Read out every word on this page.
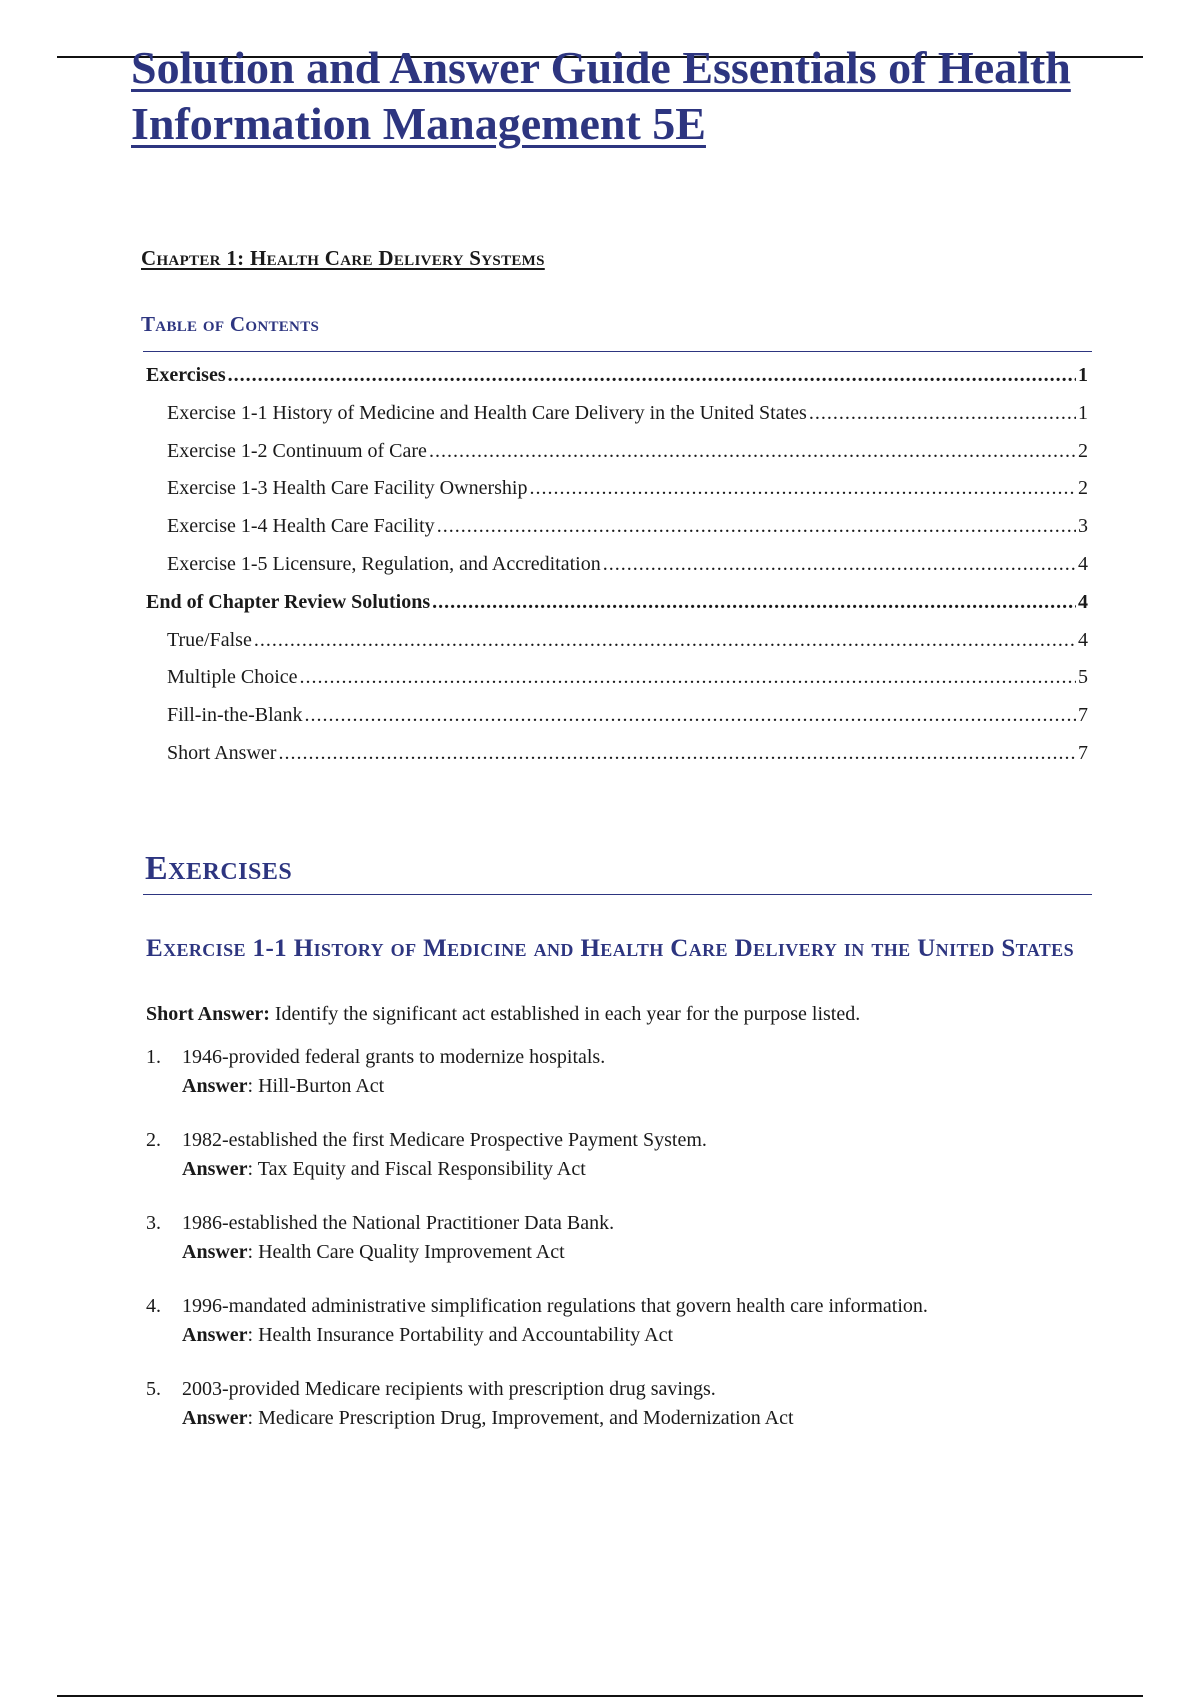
Solution and Answer Guide Essentials of Health Information Management 5E
Chapter 1: Health Care Delivery Systems
Table of Contents
Exercises .....	1
Exercise 1-1 History of Medicine and Health Care Delivery in the United States .....	1
Exercise 1-2 Continuum of Care .....	2
Exercise 1-3 Health Care Facility Ownership .....	2
Exercise 1-4 Health Care Facility .....	3
Exercise 1-5 Licensure, Regulation, and Accreditation .....	4
End of Chapter Review Solutions .....	4
True/False .....	4
Multiple Choice .....	5
Fill-in-the-Blank .....	7
Short Answer .....	7
Exercises
Exercise 1-1 History of Medicine and Health Care Delivery in the United States

Short Answer: Identify the significant act established in each year for the purpose listed.

1.	1946-provided federal grants to modernize hospitals.
Answer: Hill-Burton Act
2.	1982-established the first Medicare Prospective Payment System.
Answer: Tax Equity and Fiscal Responsibility Act
3.	1986-established the National Practitioner Data Bank.
Answer: Health Care Quality Improvement Act
4.	1996-mandated administrative simplification regulations that govern health care information.
Answer: Health Insurance Portability and Accountability Act
5.	2003-provided Medicare recipients with prescription drug savings.
Answer: Medicare Prescription Drug, Improvement, and Modernization Act
